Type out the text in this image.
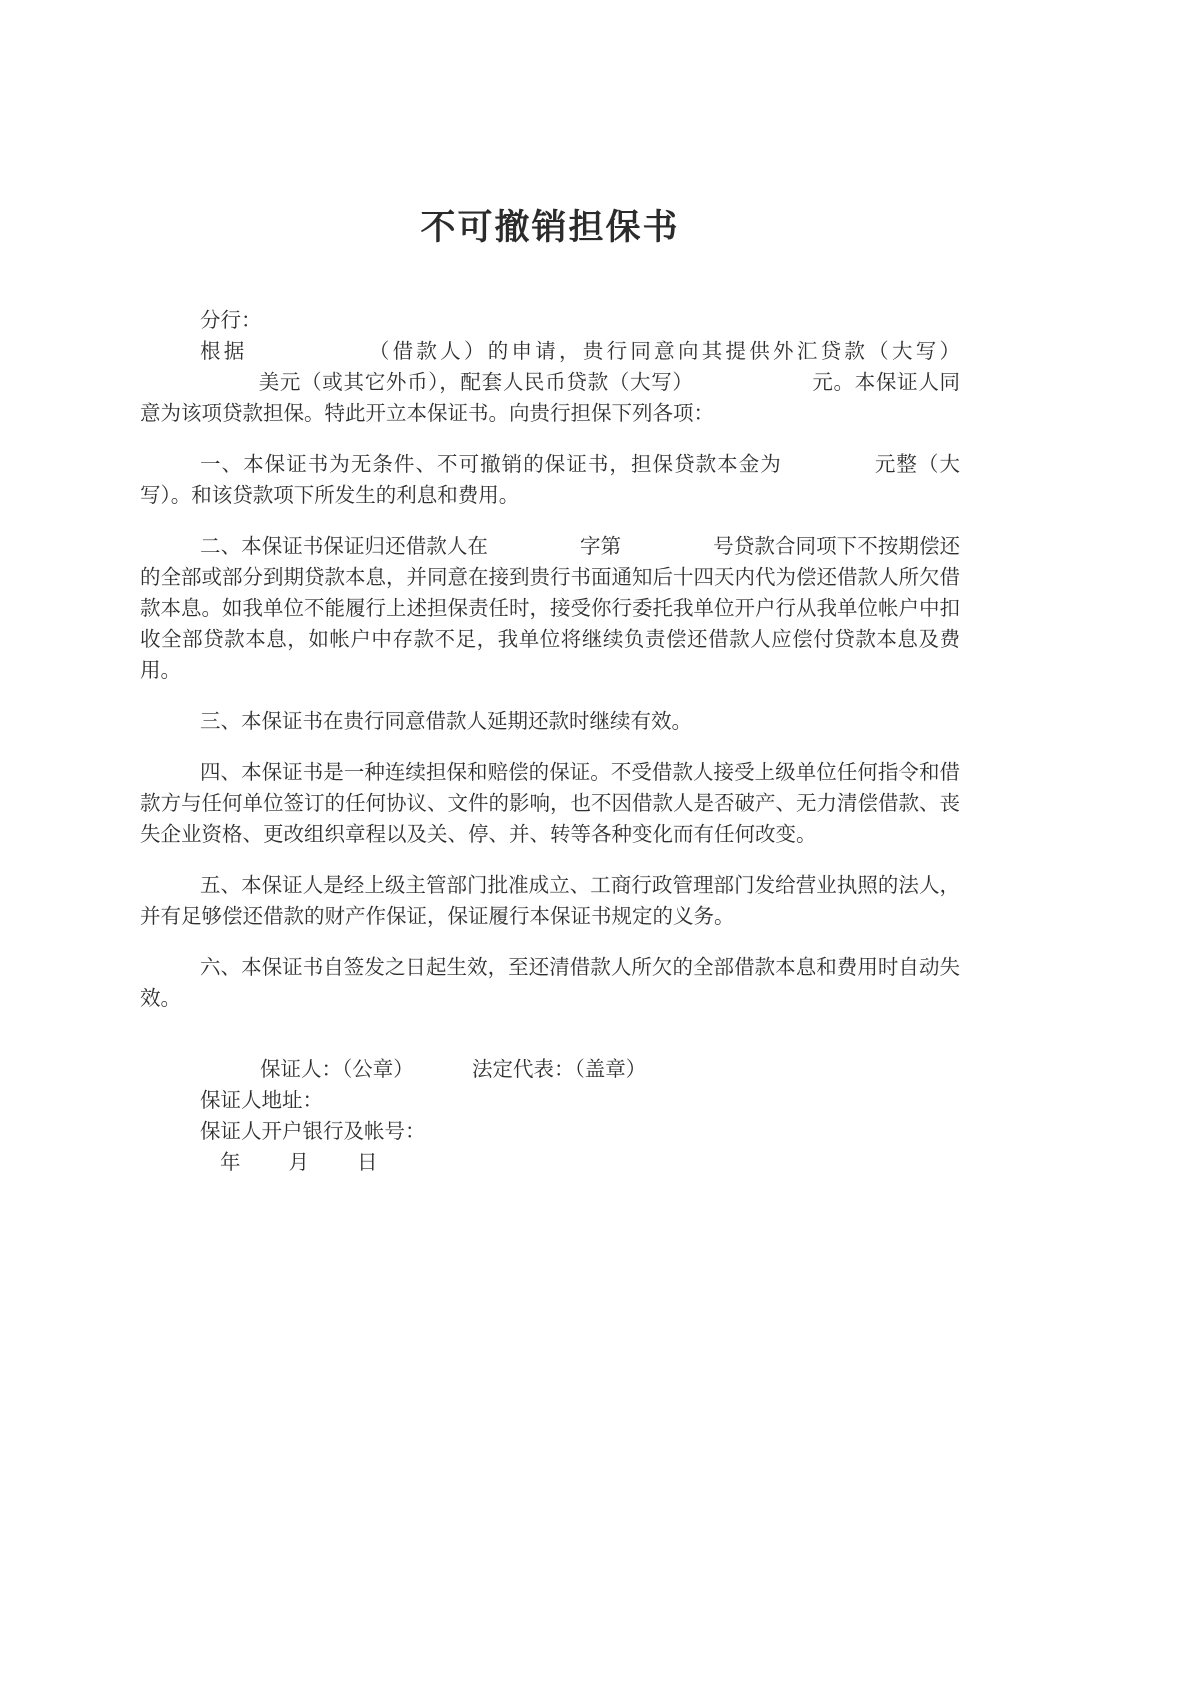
不可撤销担保书

分行：

根据	（借款人）的申请，贵行同意向其提供外汇贷款（大写）美元（或其它外币），配套人民币贷款（大写）	元。本保证人同意为该项贷款担保。特此开立本保证书。向贵行担保下列各项：

一、本保证书为无条件、不可撤销的保证书，担保贷款本金为	元整（大写）。和该贷款项下所发生的利息和费用。

二、本保证书保证归还借款人在	字第	号贷款合同项下不按期偿还的全部或部分到期贷款本息，并同意在接到贵行书面通知后十四天内代为偿还借款人所欠借款本息。如我单位不能履行上述担保责任时，接受你行委托我单位开户行从我单位帐户中扣收全部贷款本息，如帐户中存款不足，我单位将继续负责偿还借款人应偿付贷款本息及费用。

三、本保证书在贵行同意借款人延期还款时继续有效。

四、本保证书是一种连续担保和赔偿的保证。不受借款人接受上级单位任何指令和借款方与任何单位签订的任何协议、文件的影响，也不因借款人是否破产、无力清偿借款、丧失企业资格、更改组织章程以及关、停、并、转等各种变化而有任何改变。

五、本保证人是经上级主管部门批准成立、工商行政管理部门发给营业执照的法人，并有足够偿还借款的财产作保证，保证履行本保证书规定的义务。

六、本保证书自签发之日起生效，至还清借款人所欠的全部借款本息和费用时自动失效。

保证人：（公章）	法定代表：（盖章）
保证人地址：
保证人开户银行及帐号：
年 月 日
